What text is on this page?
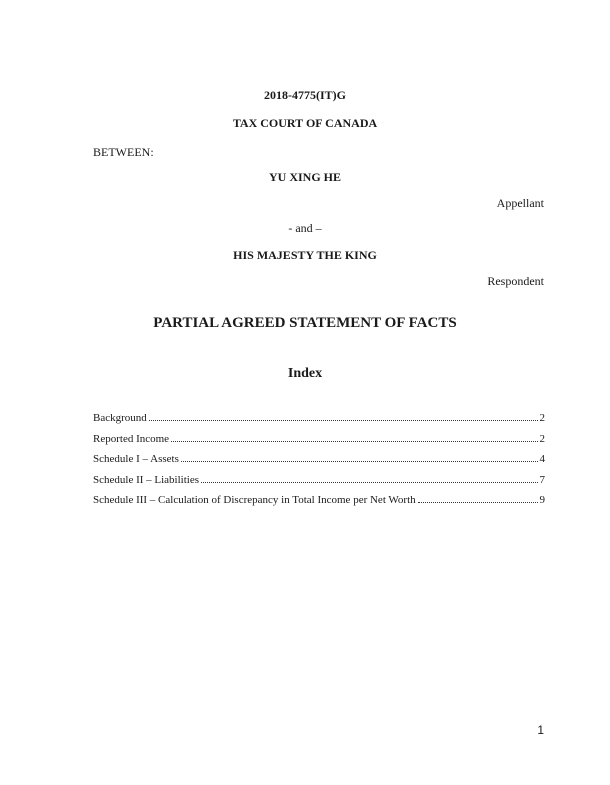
2018-4775(IT)G
TAX COURT OF CANADA
BETWEEN:
YU XING HE
Appellant
- and –
HIS MAJESTY THE KING
Respondent
PARTIAL AGREED STATEMENT OF FACTS
Index
Background	2
Reported Income	2
Schedule I – Assets	4
Schedule II – Liabilities	7
Schedule III – Calculation of Discrepancy in Total Income per Net Worth	9
1
